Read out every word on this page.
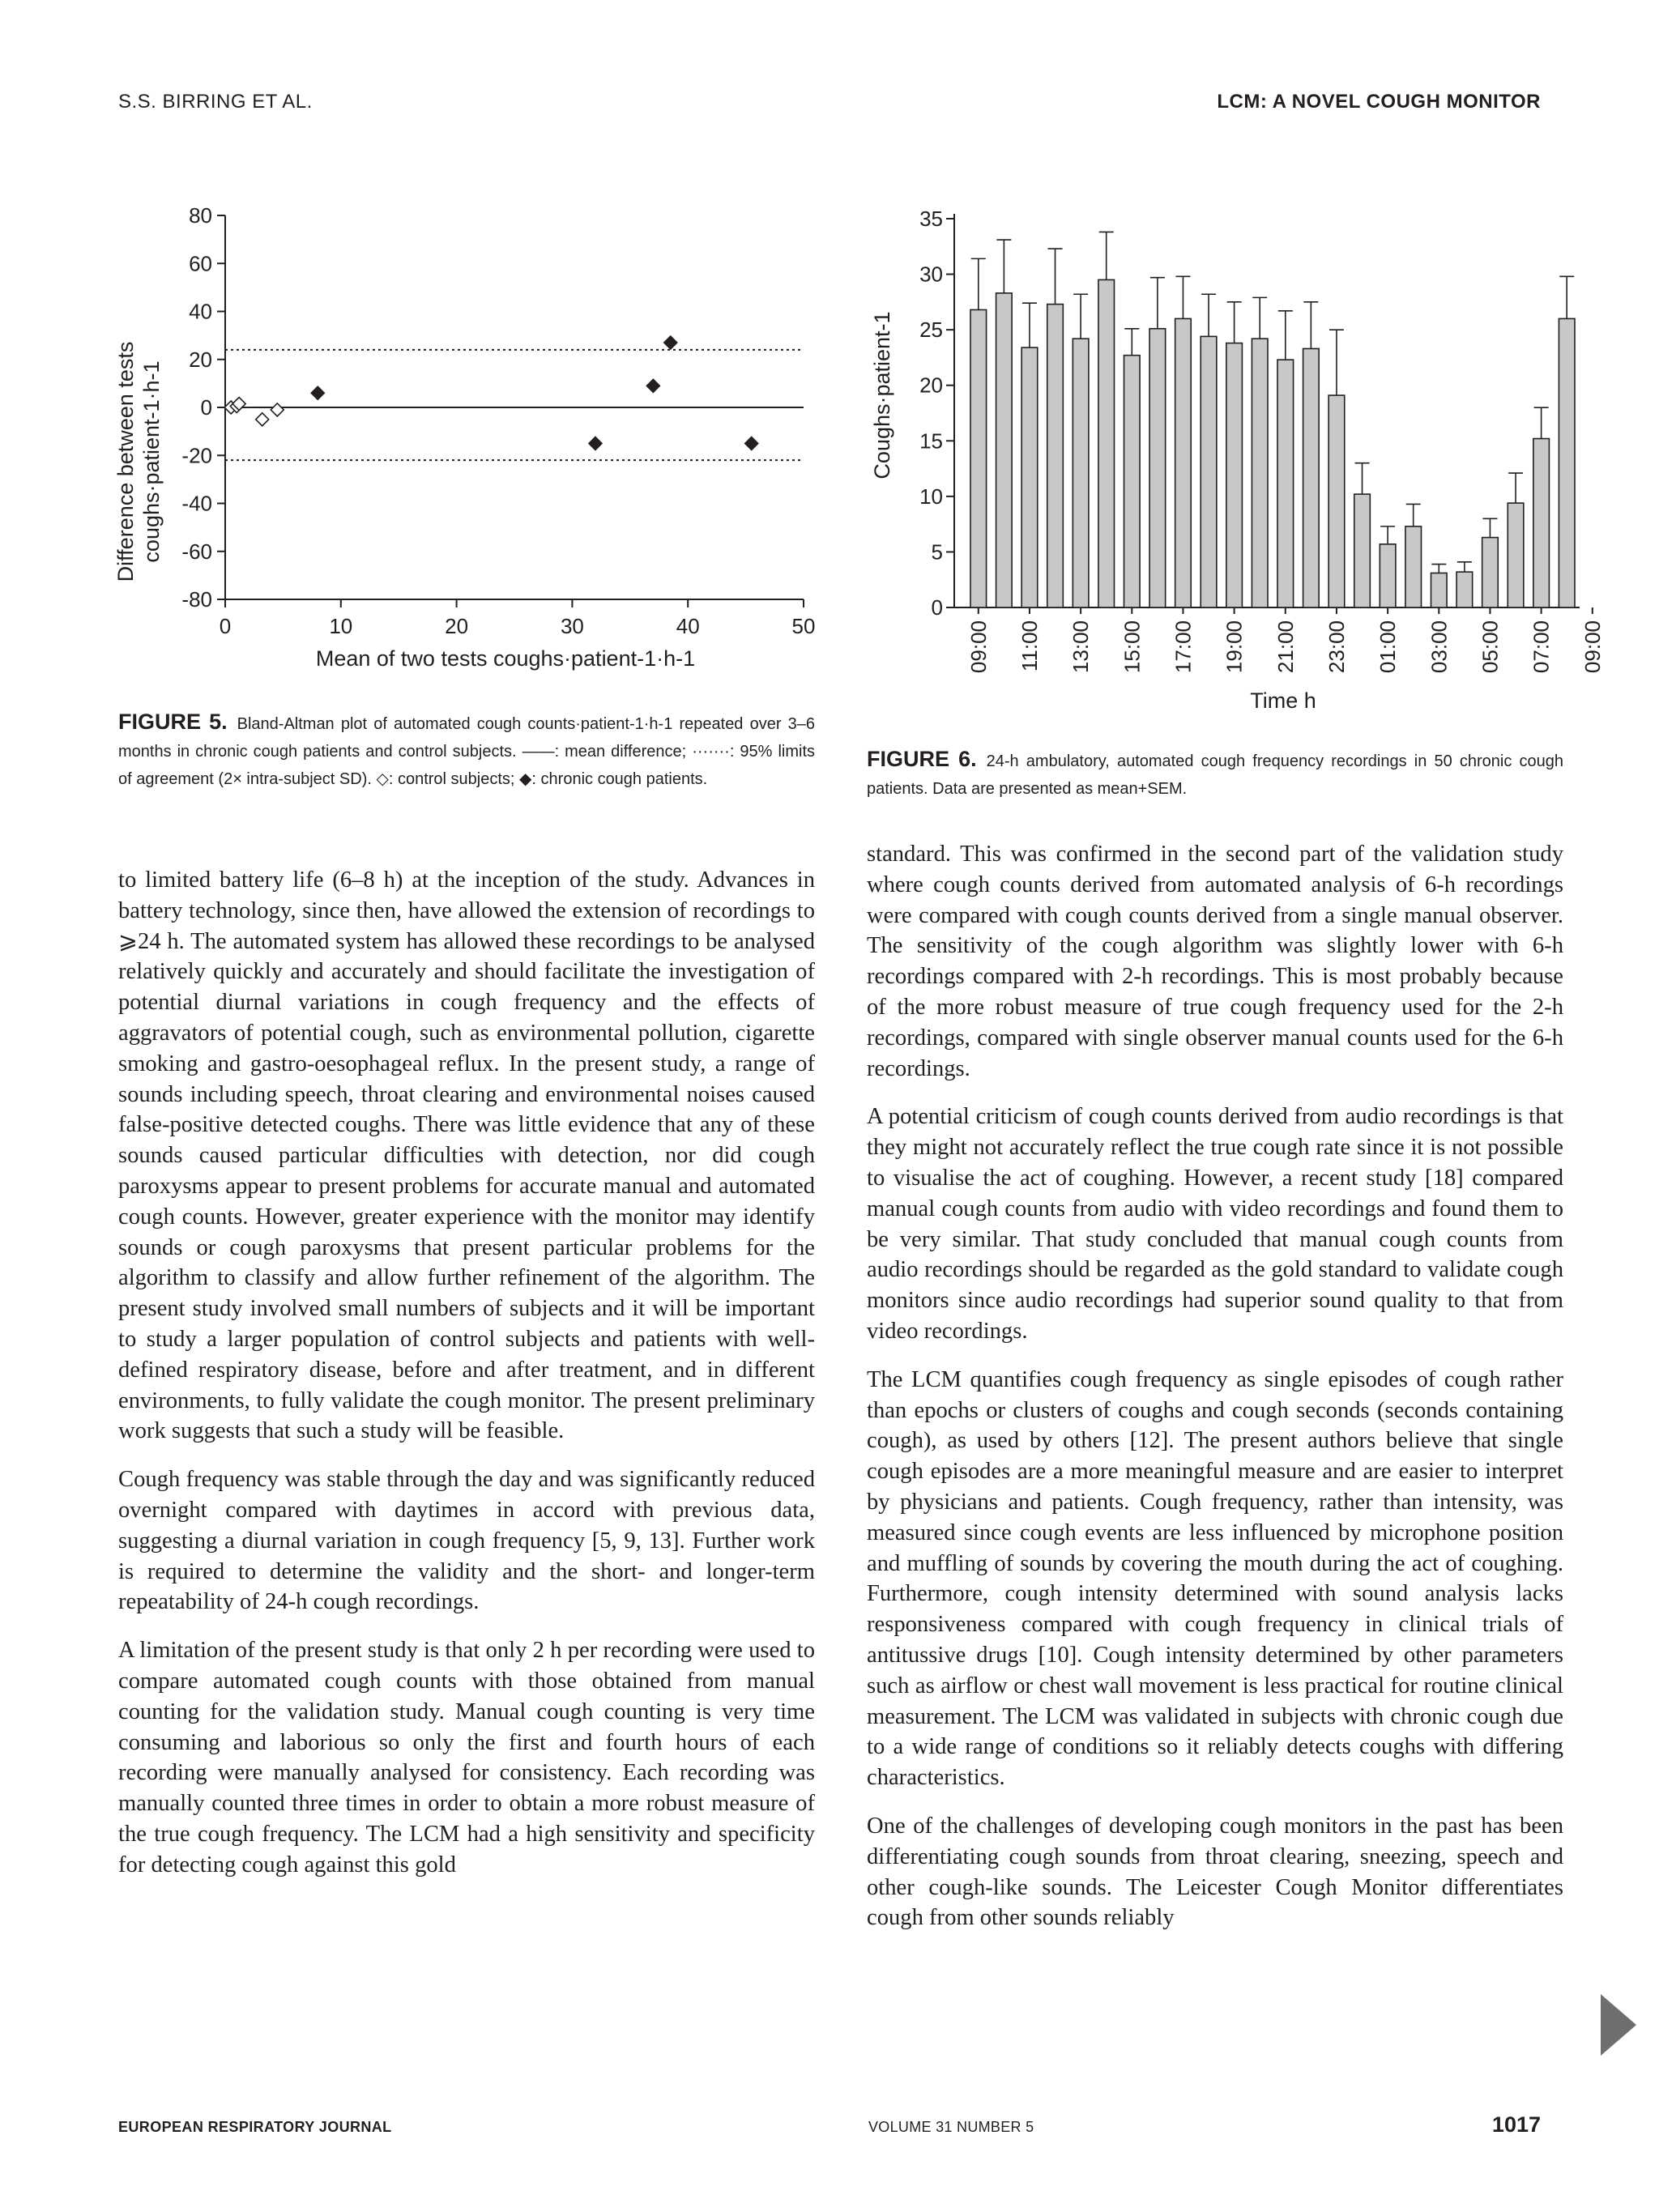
S.S. BIRRING ET AL.	LCM: A NOVEL COUGH MONITOR
-80
-60
-40
-20
0
20
40
60
80
0	10	20	30	40	50
Mean of two tests coughs·patient-1·h-1
Difference between tests coughs·patient-1·h-1
FIGURE 5. Bland-Altman plot of automated cough counts·patient-1·h-1 repeated over 3–6 months in chronic cough patients and control subjects. ——: mean difference; ·······: 95% limits of agreement (2× intra-subject SD). ◇: control subjects; ◆: chronic cough patients.
0
5
10
15
20
25
30
35
09:00 11:00 13:00 15:00 17:00 19:00 21:00 23:00 01:00 03:00 05:00 07:00 09:00
Time h
Coughs·patient-1
FIGURE 6. 24-h ambulatory, automated cough frequency recordings in 50 chronic cough patients. Data are presented as mean+SEM.

to limited battery life (6–8 h) at the inception of the study. Advances in battery technology, since then, have allowed the extension of recordings to ⩾24 h. The automated system has allowed these recordings to be analysed relatively quickly and accurately and should facilitate the investigation of potential diurnal variations in cough frequency and the effects of aggravators of potential cough, such as environmental pollution, cigarette smoking and gastro-oesophageal reflux. In the present study, a range of sounds including speech, throat clearing and environmental noises caused false-positive detected coughs. There was little evidence that any of these sounds caused particular difficulties with detection, nor did cough paroxysms appear to present problems for accurate manual and automated cough counts. However, greater experience with the monitor may identify sounds or cough paroxysms that present particular problems for the algorithm to classify and allow further refinement of the algorithm. The present study involved small numbers of subjects and it will be important to study a larger population of control subjects and patients with well-defined respiratory disease, before and after treatment, and in different environments, to fully validate the cough monitor. The present preliminary work suggests that such a study will be feasible.

Cough frequency was stable through the day and was significantly reduced overnight compared with daytimes in accord with previous data, suggesting a diurnal variation in cough frequency [5, 9, 13]. Further work is required to determine the validity and the short- and longer-term repeatability of 24-h cough recordings.

A limitation of the present study is that only 2 h per recording were used to compare automated cough counts with those obtained from manual counting for the validation study. Manual cough counting is very time consuming and laborious so only the first and fourth hours of each recording were manually analysed for consistency. Each recording was manually counted three times in order to obtain a more robust measure of the true cough frequency. The LCM had a high sensitivity and specificity for detecting cough against this gold

standard. This was confirmed in the second part of the validation study where cough counts derived from automated analysis of 6-h recordings were compared with cough counts derived from a single manual observer. The sensitivity of the cough algorithm was slightly lower with 6-h recordings compared with 2-h recordings. This is most probably because of the more robust measure of true cough frequency used for the 2-h recordings, compared with single observer manual counts used for the 6-h recordings.

A potential criticism of cough counts derived from audio recordings is that they might not accurately reflect the true cough rate since it is not possible to visualise the act of coughing. However, a recent study [18] compared manual cough counts from audio with video recordings and found them to be very similar. That study concluded that manual cough counts from audio recordings should be regarded as the gold standard to validate cough monitors since audio recordings had superior sound quality to that from video recordings.

The LCM quantifies cough frequency as single episodes of cough rather than epochs or clusters of coughs and cough seconds (seconds containing cough), as used by others [12]. The present authors believe that single cough episodes are a more meaningful measure and are easier to interpret by physicians and patients. Cough frequency, rather than intensity, was measured since cough events are less influenced by microphone position and muffling of sounds by covering the mouth during the act of coughing. Furthermore, cough intensity determined with sound analysis lacks responsiveness compared with cough frequency in clinical trials of antitussive drugs [10]. Cough intensity determined by other parameters such as airflow or chest wall movement is less practical for routine clinical measurement. The LCM was validated in subjects with chronic cough due to a wide range of conditions so it reliably detects coughs with differing characteristics.

One of the challenges of developing cough monitors in the past has been differentiating cough sounds from throat clearing, sneezing, speech and other cough-like sounds. The Leicester Cough Monitor differentiates cough from other sounds reliably

EUROPEAN RESPIRATORY JOURNAL	VOLUME 31 NUMBER 5	1017
